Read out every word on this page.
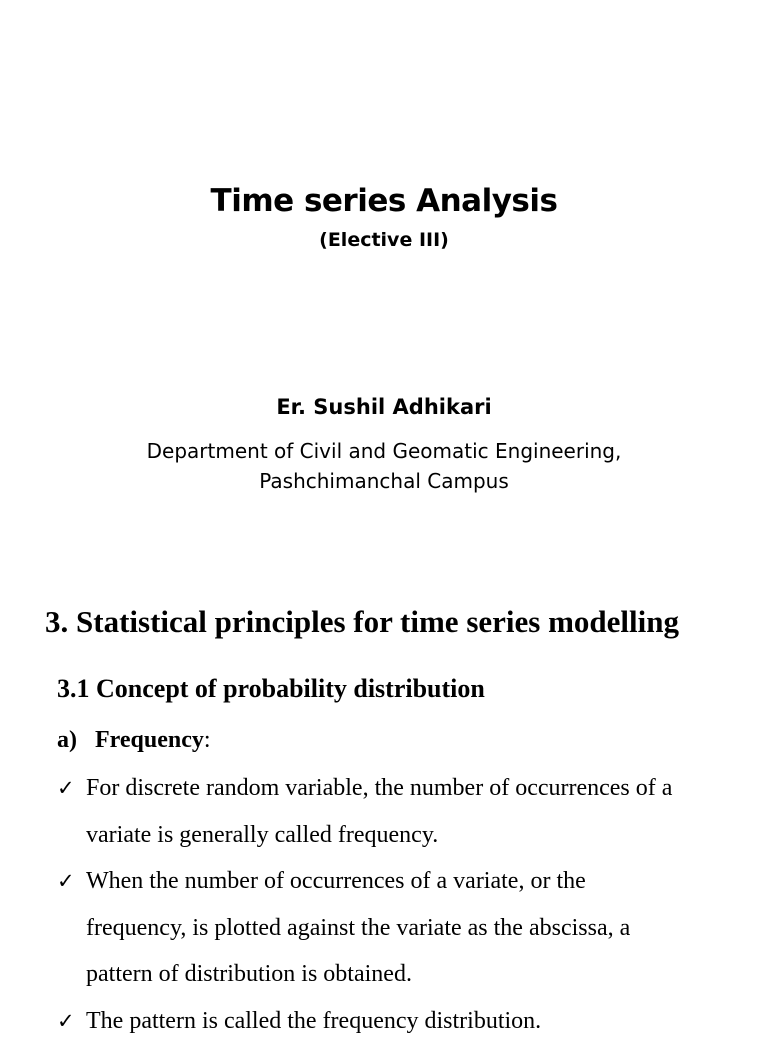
Time series Analysis
(Elective III)
Er. Sushil Adhikari
Department of Civil and Geomatic Engineering,
Pashchimanchal Campus
3. Statistical principles for time series modelling
3.1 Concept of probability distribution
a) Frequency:
✓ For discrete random variable, the number of occurrences of a
variate is generally called frequency.
✓ When the number of occurrences of a variate, or the
frequency, is plotted against the variate as the abscissa, a
pattern of distribution is obtained.
✓ The pattern is called the frequency distribution.
